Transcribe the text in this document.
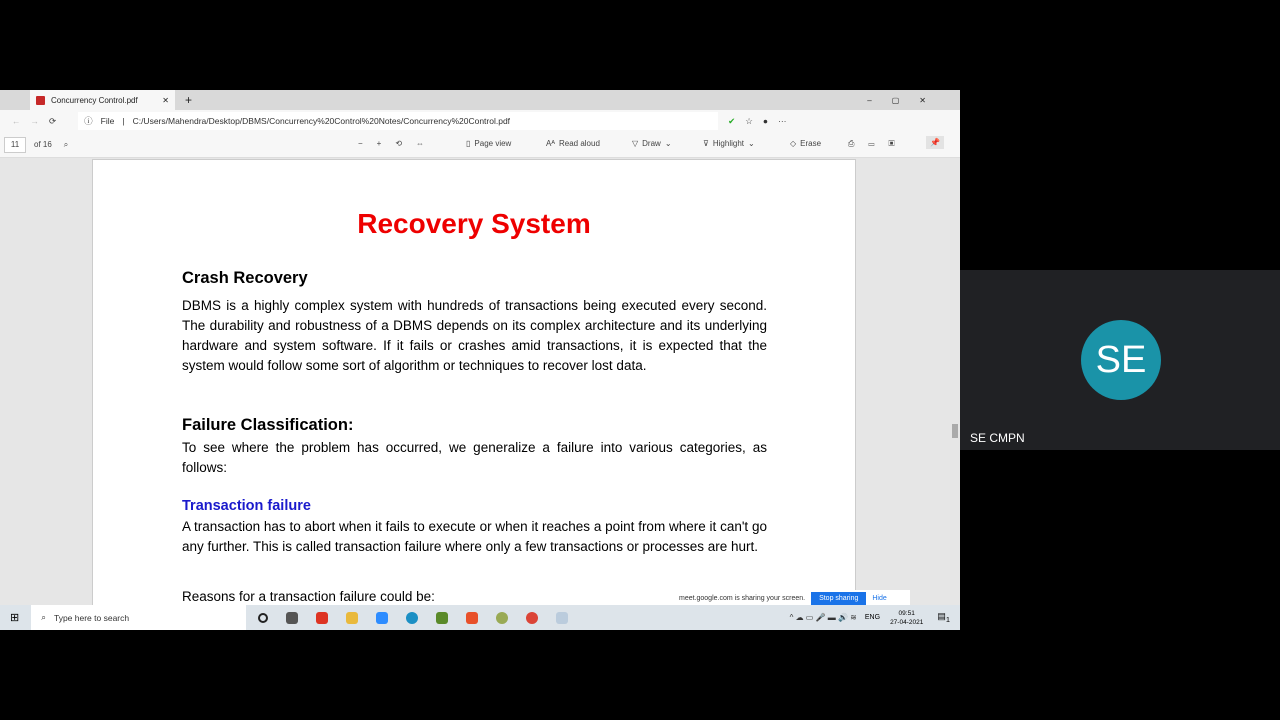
Concurrency Control.pdf	✕ +	–▢✕
← → ⟳	ⓘ File | C:/Users/Mahendra/Desktop/DBMS/Concurrency%20Control%20Notes/Concurrency%20Control.pdf	✔ ☆ ● ···
11	of 16 ⌕	−+⟲⇔	▯ Page view	Aᴬ Read aloud	▽ Draw ⌄	⊽ Highlight ⌄	◇ Erase	⎙▭▣	📌
Recovery System
Crash Recovery
DBMS is a highly complex system with hundreds of transactions being executed every second. The durability and robustness of a DBMS depends on its complex architecture and its underlying hardware and system software. If it fails or crashes amid transactions, it is expected that the system would follow some sort of algorithm or techniques to recover lost data.
Failure Classification:
To see where the problem has occurred, we generalize a failure into various categories, as follows:
Transaction failure
A transaction has to abort when it fails to execute or when it reaches a point from where it can't go any further. This is called transaction failure where only a few transactions or processes are hurt.
Reasons for a transaction failure could be:	meet.google.com is sharing your screen.	Stop sharing	Hide
⊞	⌕ Type here to search	^ ☁ ▭ 🎤 ▬ 🔊 ≋ ENG
09:51
27-04-2021
$▤_1$
SE
SE CMPN
